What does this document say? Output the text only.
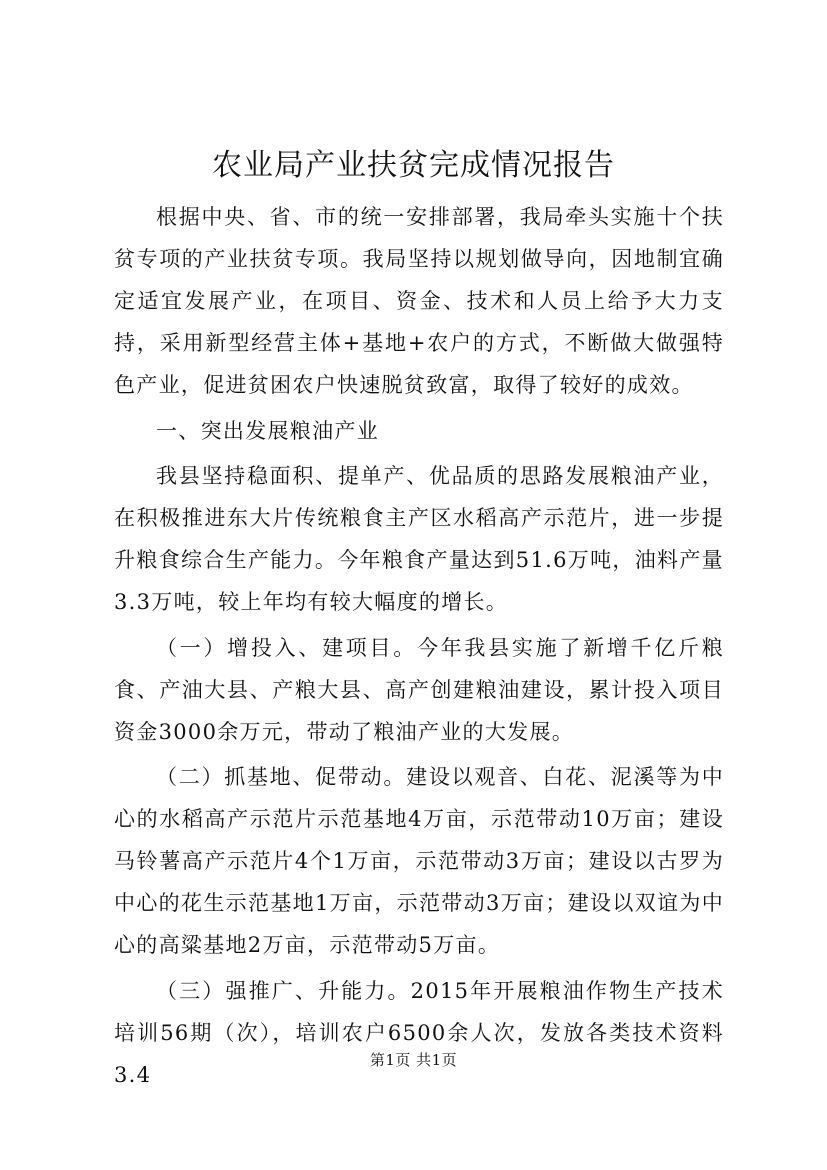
农业局产业扶贫完成情况报告

根据中央、省、市的统一安排部署，我局牵头实施十个扶贫专项的产业扶贫专项。我局坚持以规划做导向，因地制宜确定适宜发展产业，在项目、资金、技术和人员上给予大力支持，采用新型经营主体+基地+农户的方式，不断做大做强特色产业，促进贫困农户快速脱贫致富，取得了较好的成效。

一、突出发展粮油产业

我县坚持稳面积、提单产、优品质的思路发展粮油产业，在积极推进东大片传统粮食主产区水稻高产示范片，进一步提升粮食综合生产能力。今年粮食产量达到51.6万吨，油料产量3.3万吨，较上年均有较大幅度的增长。

（一）增投入、建项目。今年我县实施了新增千亿斤粮食、产油大县、产粮大县、高产创建粮油建设，累计投入项目资金3000余万元，带动了粮油产业的大发展。

（二）抓基地、促带动。建设以观音、白花、泥溪等为中心的水稻高产示范片示范基地4万亩，示范带动10万亩；建设马铃薯高产示范片4个1万亩，示范带动3万亩；建设以古罗为中心的花生示范基地1万亩，示范带动3万亩；建设以双谊为中心的高粱基地2万亩，示范带动5万亩。

（三）强推广、升能力。2015年开展粮油作物生产技术培训56期（次），培训农户6500余人次，发放各类技术资料3.4

第1页 共1页
